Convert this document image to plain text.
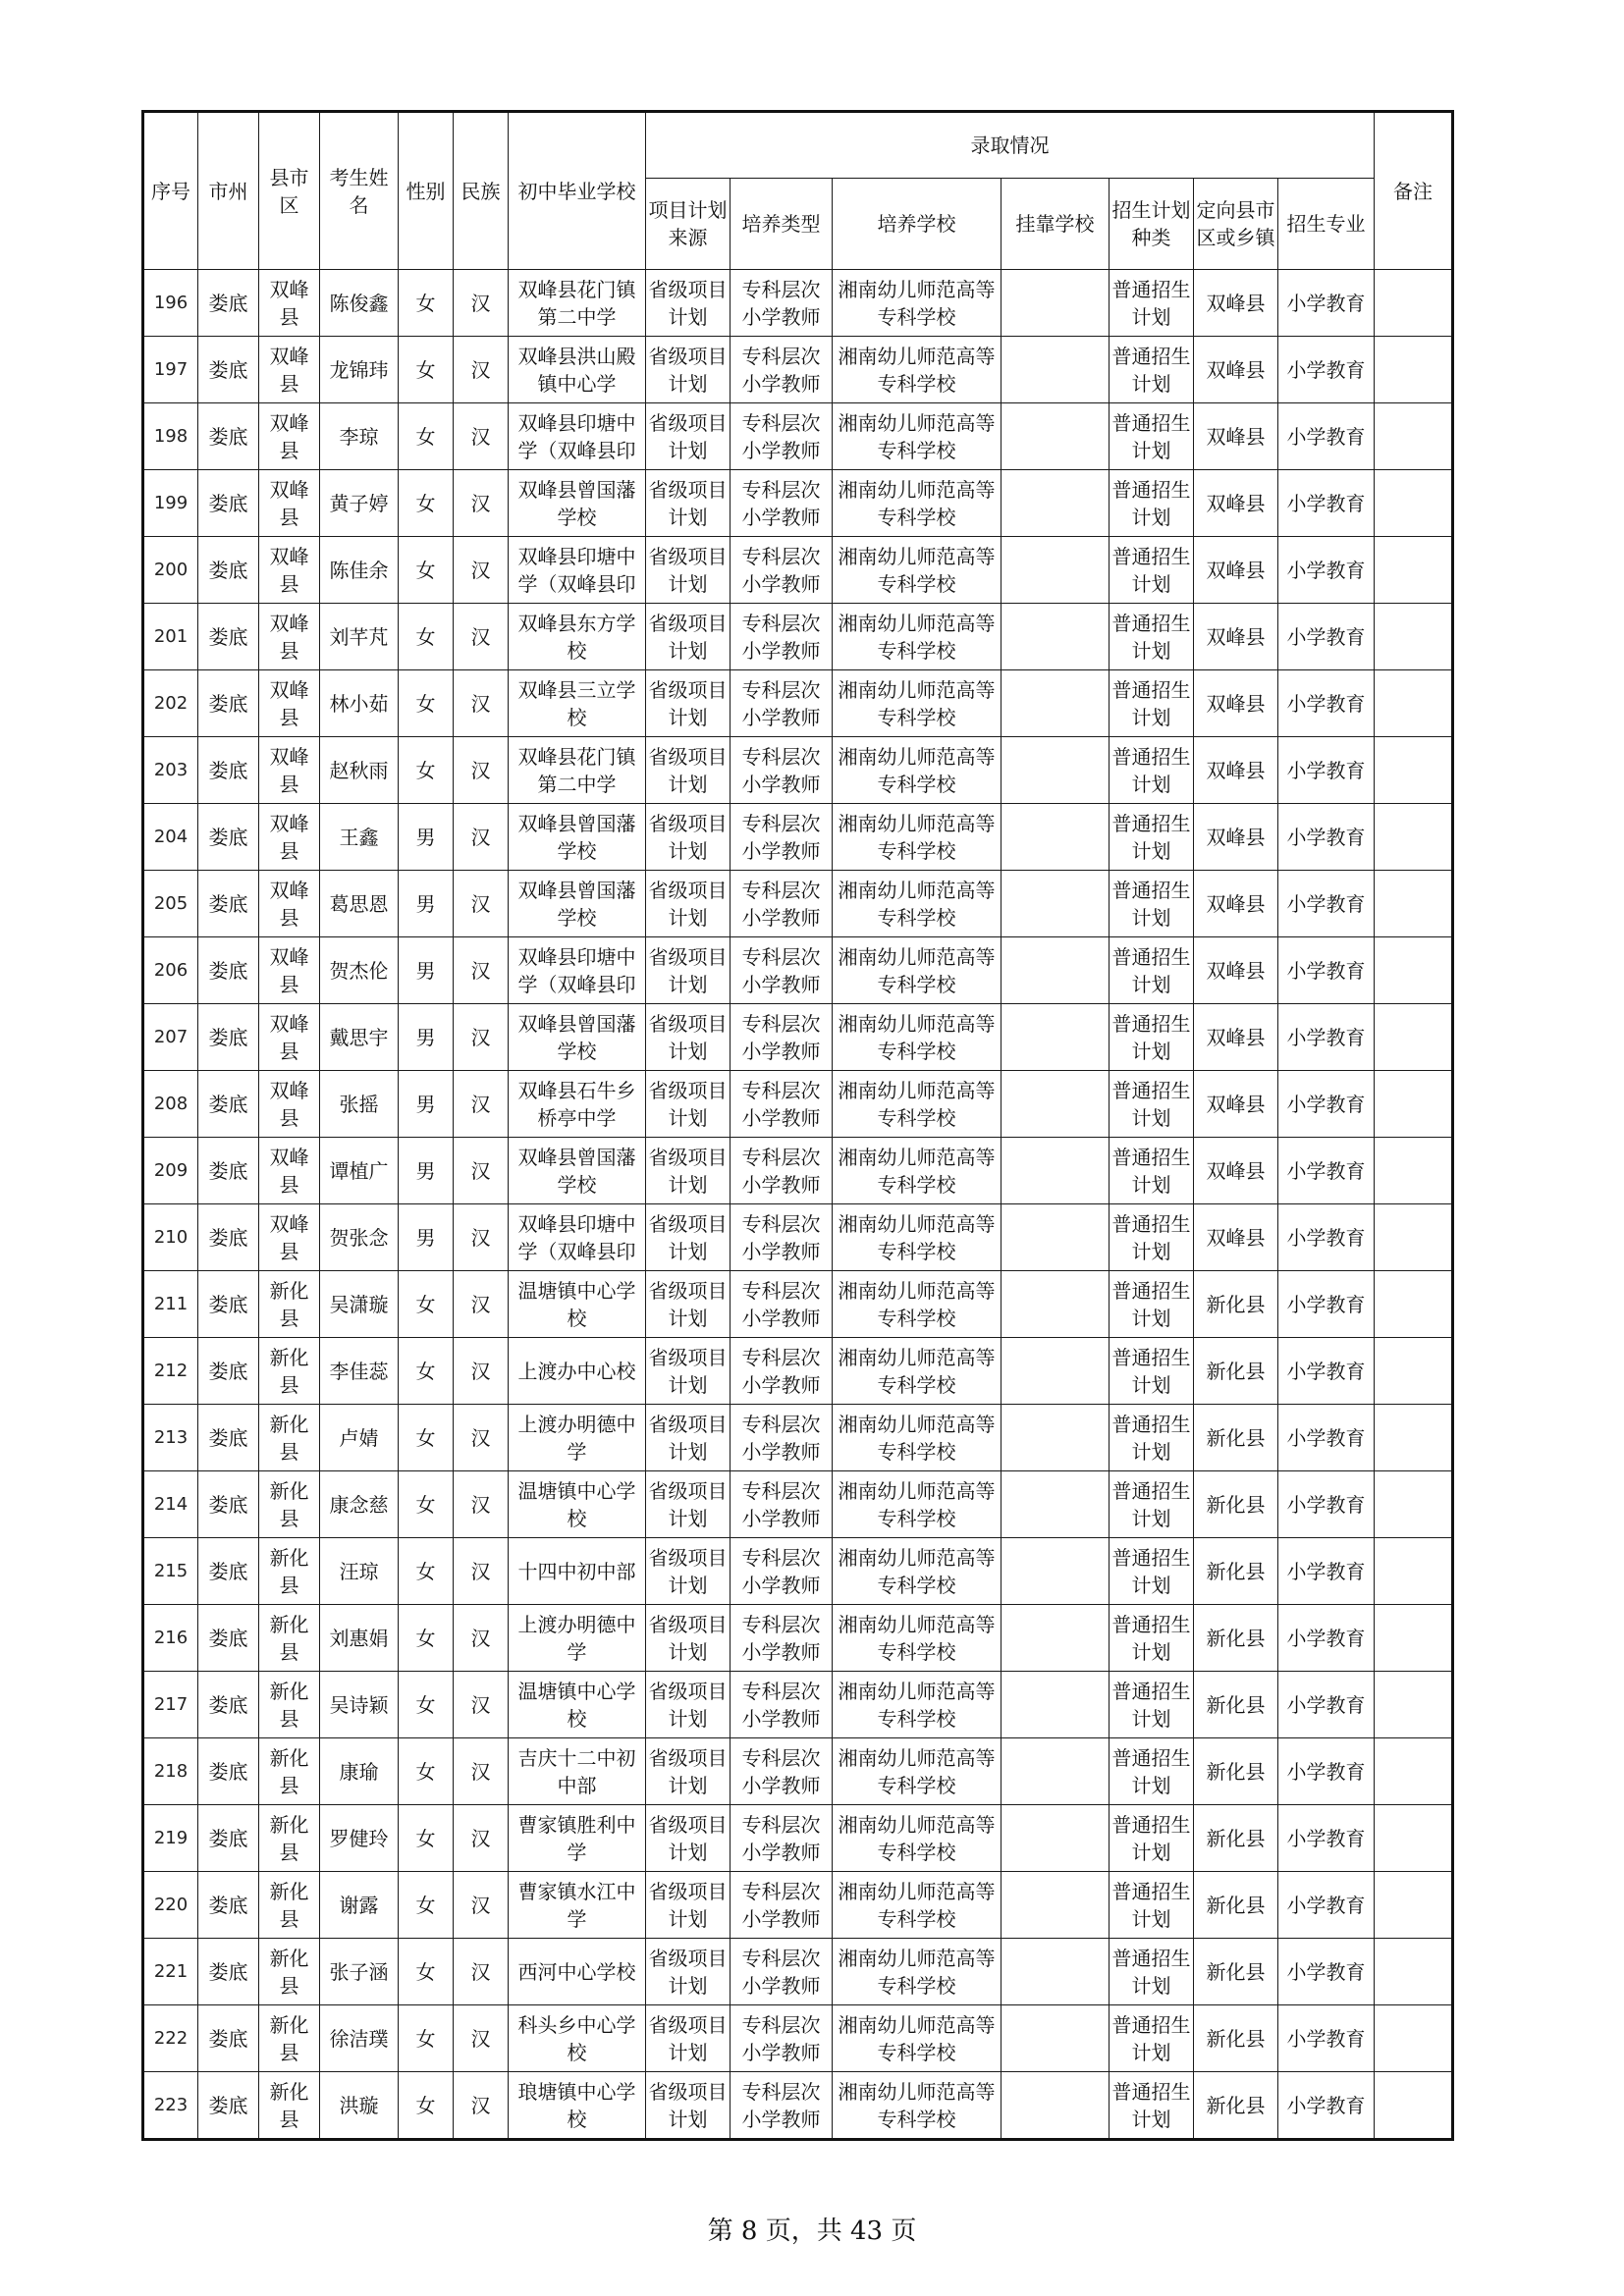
序号	市州	县市区	考生姓名	性别	民族	初中毕业学校	录取情况							备注
							项目计划来源	培养类型	培养学校	挂靠学校	招生计划种类	定向县市区或乡镇	招生专业	
196	娄底	双峰县	陈俊鑫	女	汉	双峰县花门镇第二中学	省级项目计划	专科层次小学教师	湘南幼儿师范高等专科学校		普通招生计划	双峰县	小学教育	

197	娄底	双峰县	龙锦玮	女	汉	双峰县洪山殿镇中心学	省级项目计划	专科层次小学教师	湘南幼儿师范高等专科学校		普通招生计划	双峰县	小学教育	

198	娄底	双峰县	李琼	女	汉	双峰县印塘中学（双峰县印	省级项目计划	专科层次小学教师	湘南幼儿师范高等专科学校		普通招生计划	双峰县	小学教育	

199	娄底	双峰县	黄子婷	女	汉	双峰县曾国藩学校	省级项目计划	专科层次小学教师	湘南幼儿师范高等专科学校		普通招生计划	双峰县	小学教育	

200	娄底	双峰县	陈佳余	女	汉	双峰县印塘中学（双峰县印	省级项目计划	专科层次小学教师	湘南幼儿师范高等专科学校		普通招生计划	双峰县	小学教育	

201	娄底	双峰县	刘芊芃	女	汉	双峰县东方学校	省级项目计划	专科层次小学教师	湘南幼儿师范高等专科学校		普通招生计划	双峰县	小学教育	

202	娄底	双峰县	林小茹	女	汉	双峰县三立学校	省级项目计划	专科层次小学教师	湘南幼儿师范高等专科学校		普通招生计划	双峰县	小学教育	

203	娄底	双峰县	赵秋雨	女	汉	双峰县花门镇第二中学	省级项目计划	专科层次小学教师	湘南幼儿师范高等专科学校		普通招生计划	双峰县	小学教育	

204	娄底	双峰县	王鑫	男	汉	双峰县曾国藩学校	省级项目计划	专科层次小学教师	湘南幼儿师范高等专科学校		普通招生计划	双峰县	小学教育	

205	娄底	双峰县	葛思恩	男	汉	双峰县曾国藩学校	省级项目计划	专科层次小学教师	湘南幼儿师范高等专科学校		普通招生计划	双峰县	小学教育	

206	娄底	双峰县	贺杰伦	男	汉	双峰县印塘中学（双峰县印	省级项目计划	专科层次小学教师	湘南幼儿师范高等专科学校		普通招生计划	双峰县	小学教育	

207	娄底	双峰县	戴思宇	男	汉	双峰县曾国藩学校	省级项目计划	专科层次小学教师	湘南幼儿师范高等专科学校		普通招生计划	双峰县	小学教育	

208	娄底	双峰县	张摇	男	汉	双峰县石牛乡桥亭中学	省级项目计划	专科层次小学教师	湘南幼儿师范高等专科学校		普通招生计划	双峰县	小学教育	

209	娄底	双峰县	谭植广	男	汉	双峰县曾国藩学校	省级项目计划	专科层次小学教师	湘南幼儿师范高等专科学校		普通招生计划	双峰县	小学教育	

210	娄底	双峰县	贺张念	男	汉	双峰县印塘中学（双峰县印	省级项目计划	专科层次小学教师	湘南幼儿师范高等专科学校		普通招生计划	双峰县	小学教育	

211	娄底	新化县	吴潇璇	女	汉	温塘镇中心学校	省级项目计划	专科层次小学教师	湘南幼儿师范高等专科学校		普通招生计划	新化县	小学教育	

212	娄底	新化县	李佳蕊	女	汉	上渡办中心校	省级项目计划	专科层次小学教师	湘南幼儿师范高等专科学校		普通招生计划	新化县	小学教育	

213	娄底	新化县	卢婧	女	汉	上渡办明德中学	省级项目计划	专科层次小学教师	湘南幼儿师范高等专科学校		普通招生计划	新化县	小学教育	

214	娄底	新化县	康念慈	女	汉	温塘镇中心学校	省级项目计划	专科层次小学教师	湘南幼儿师范高等专科学校		普通招生计划	新化县	小学教育	

215	娄底	新化县	汪琼	女	汉	十四中初中部	省级项目计划	专科层次小学教师	湘南幼儿师范高等专科学校		普通招生计划	新化县	小学教育	

216	娄底	新化县	刘惠娟	女	汉	上渡办明德中学	省级项目计划	专科层次小学教师	湘南幼儿师范高等专科学校		普通招生计划	新化县	小学教育	

217	娄底	新化县	吴诗颖	女	汉	温塘镇中心学校	省级项目计划	专科层次小学教师	湘南幼儿师范高等专科学校		普通招生计划	新化县	小学教育	

218	娄底	新化县	康瑜	女	汉	吉庆十二中初中部	省级项目计划	专科层次小学教师	湘南幼儿师范高等专科学校		普通招生计划	新化县	小学教育	

219	娄底	新化县	罗健玲	女	汉	曹家镇胜利中学	省级项目计划	专科层次小学教师	湘南幼儿师范高等专科学校		普通招生计划	新化县	小学教育	

220	娄底	新化县	谢露	女	汉	曹家镇水江中学	省级项目计划	专科层次小学教师	湘南幼儿师范高等专科学校		普通招生计划	新化县	小学教育	

221	娄底	新化县	张子涵	女	汉	西河中心学校	省级项目计划	专科层次小学教师	湘南幼儿师范高等专科学校		普通招生计划	新化县	小学教育	

222	娄底	新化县	徐洁璞	女	汉	科头乡中心学校	省级项目计划	专科层次小学教师	湘南幼儿师范高等专科学校		普通招生计划	新化县	小学教育	

223	娄底	新化县	洪璇	女	汉	琅塘镇中心学校	省级项目计划	专科层次小学教师	湘南幼儿师范高等专科学校		普通招生计划	新化县	小学教育	

第 8 页，共 43 页
